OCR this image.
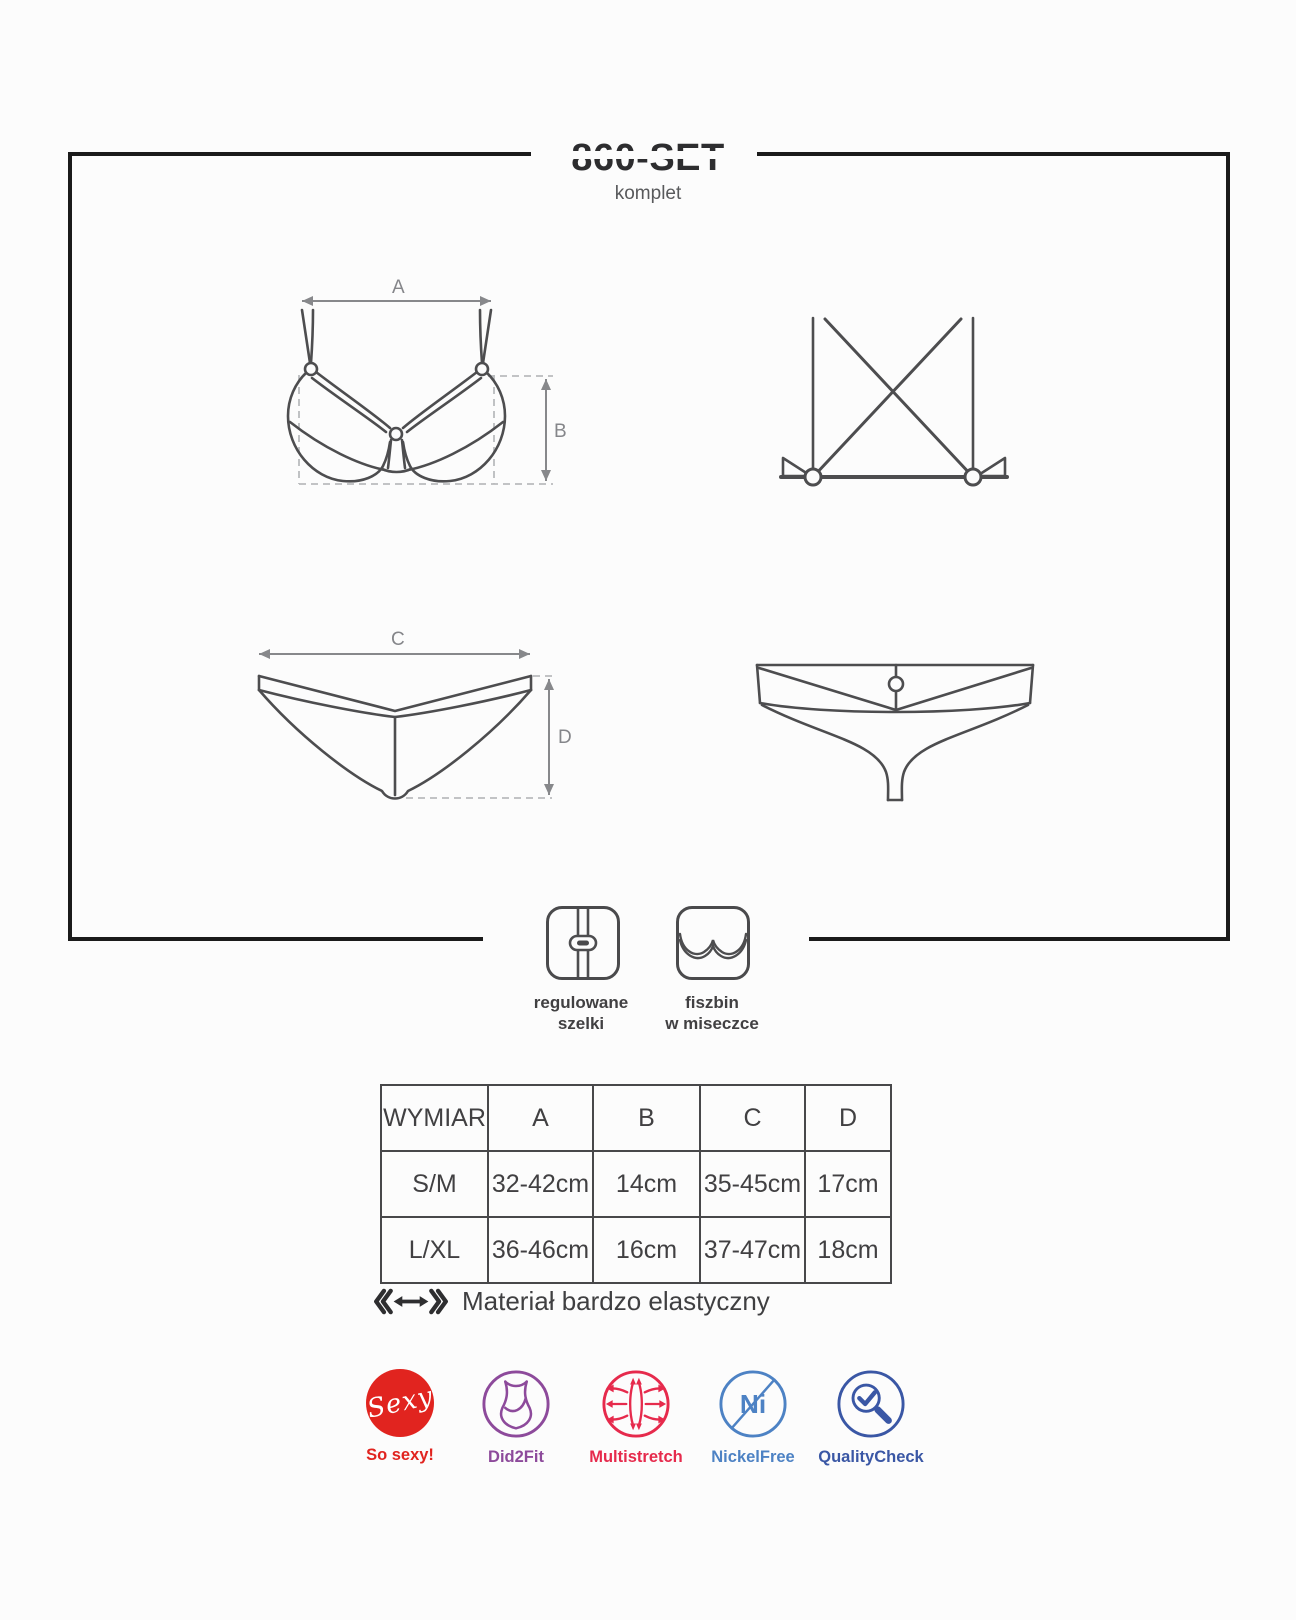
komplet
A
B
C
D
regulowane
szelki
fiszbin
w miseczce
WYMIAR	A	B	C	D
S/M	32-42cm	14cm	35-45cm	17cm
L/XL	36-46cm	16cm	37-47cm	18cm
Materiał bardzo elastyczny
Sexy
So sexy!	Did2Fit	Multistretch
Ni
NickelFree QualityCheck
